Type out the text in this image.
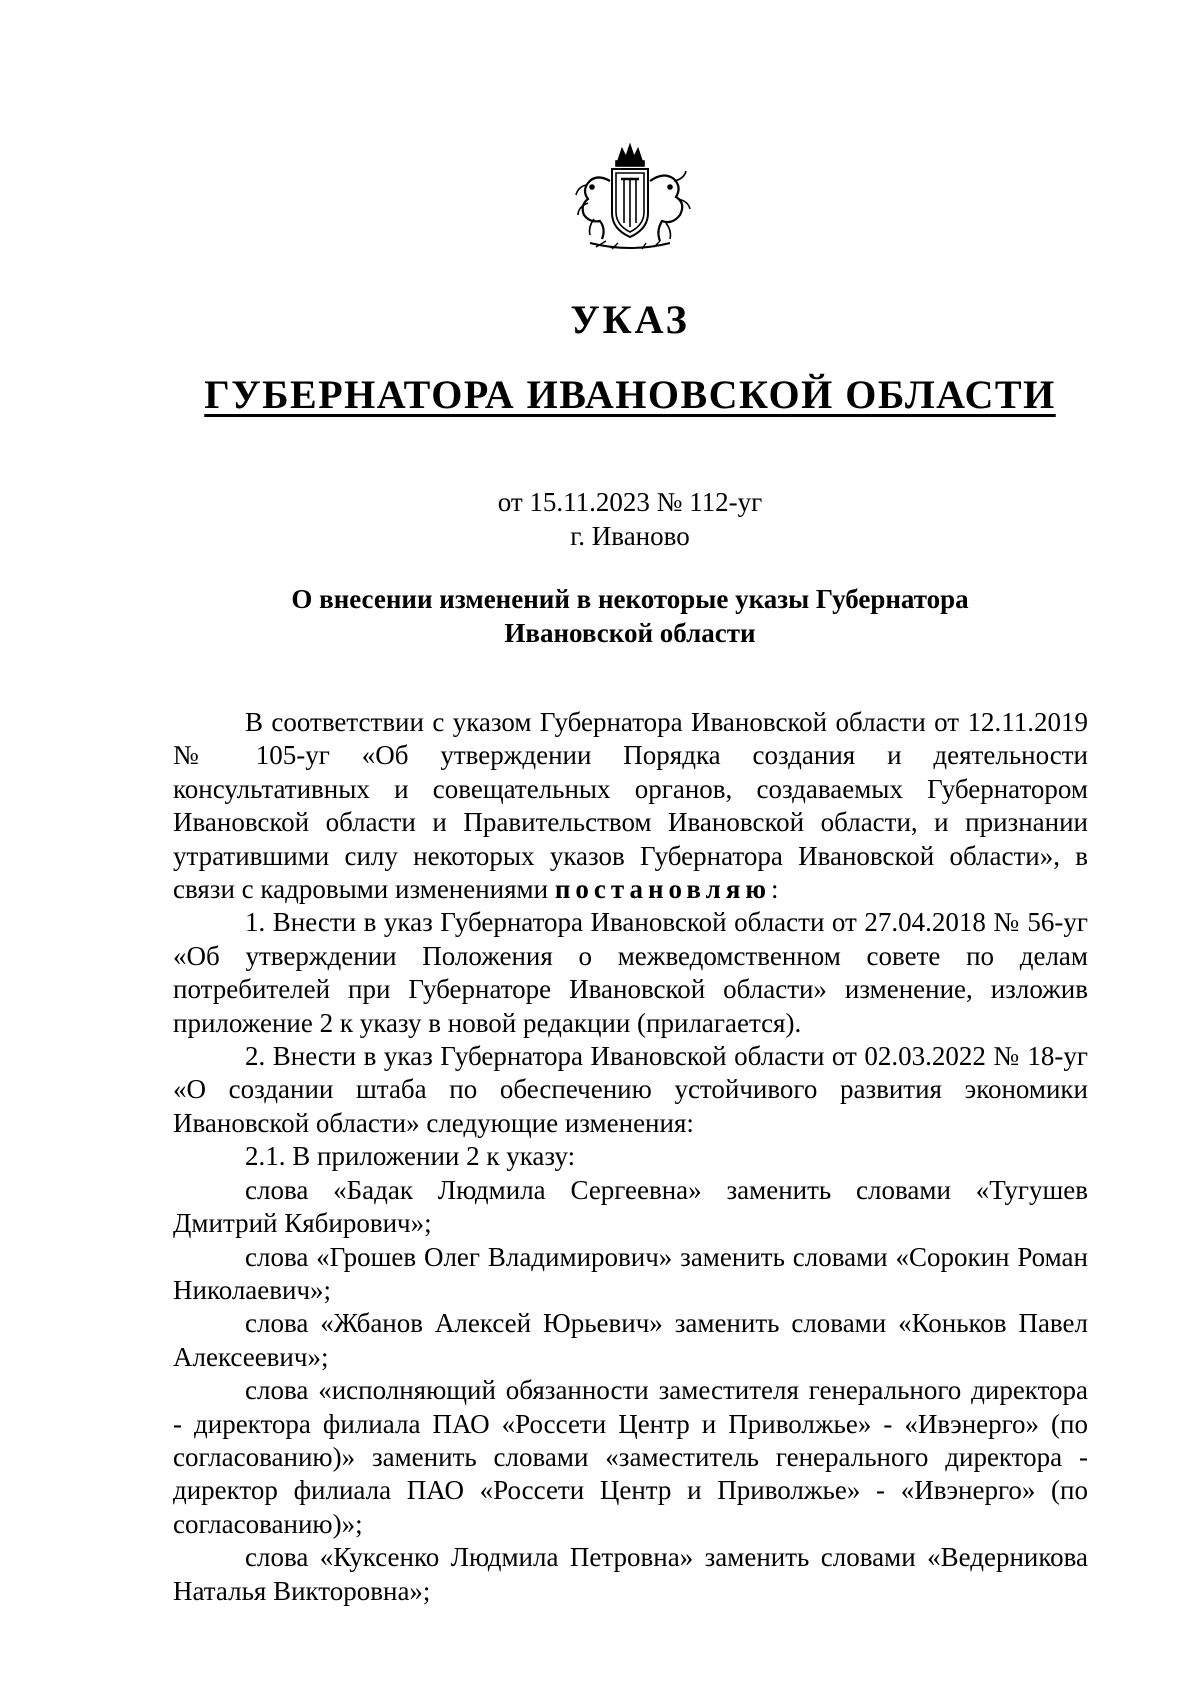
УКАЗ
ГУБЕРНАТОРА ИВАНОВСКОЙ ОБЛАСТИ
от 15.11.2023 № 112-уг
г. Иваново
О внесении изменений в некоторые указы Губернатора
Ивановской области

В соответствии с указом Губернатора Ивановской области от 12.11.2019 № 105-уг «Об утверждении Порядка создания и деятельности консультативных и совещательных органов, создаваемых Губернатором Ивановской области и Правительством Ивановской области, и признании утратившими силу некоторых указов Губернатора Ивановской области», в связи с кадровыми изменениями постановляю:

1. Внести в указ Губернатора Ивановской области от 27.04.2018 № 56-уг «Об утверждении Положения о межведомственном совете по делам потребителей при Губернаторе Ивановской области» изменение, изложив приложение 2 к указу в новой редакции (прилагается).

2. Внести в указ Губернатора Ивановской области от 02.03.2022 № 18-уг «О создании штаба по обеспечению устойчивого развития экономики Ивановской области» следующие изменения:

2.1. В приложении 2 к указу:

слова «Бадак Людмила Сергеевна» заменить словами «Тугушев Дмитрий Кябирович»;

слова «Грошев Олег Владимирович» заменить словами «Сорокин Роман Николаевич»;

слова «Жбанов Алексей Юрьевич» заменить словами «Коньков Павел Алексеевич»;

слова «исполняющий обязанности заместителя генерального директора - директора филиала ПАО «Россети Центр и Приволжье» - «Ивэнерго» (по согласованию)» заменить словами «заместитель генерального директора - директор филиала ПАО «Россети Центр и Приволжье» - «Ивэнерго» (по согласованию)»;

слова «Куксенко Людмила Петровна» заменить словами «Ведерникова Наталья Викторовна»;
